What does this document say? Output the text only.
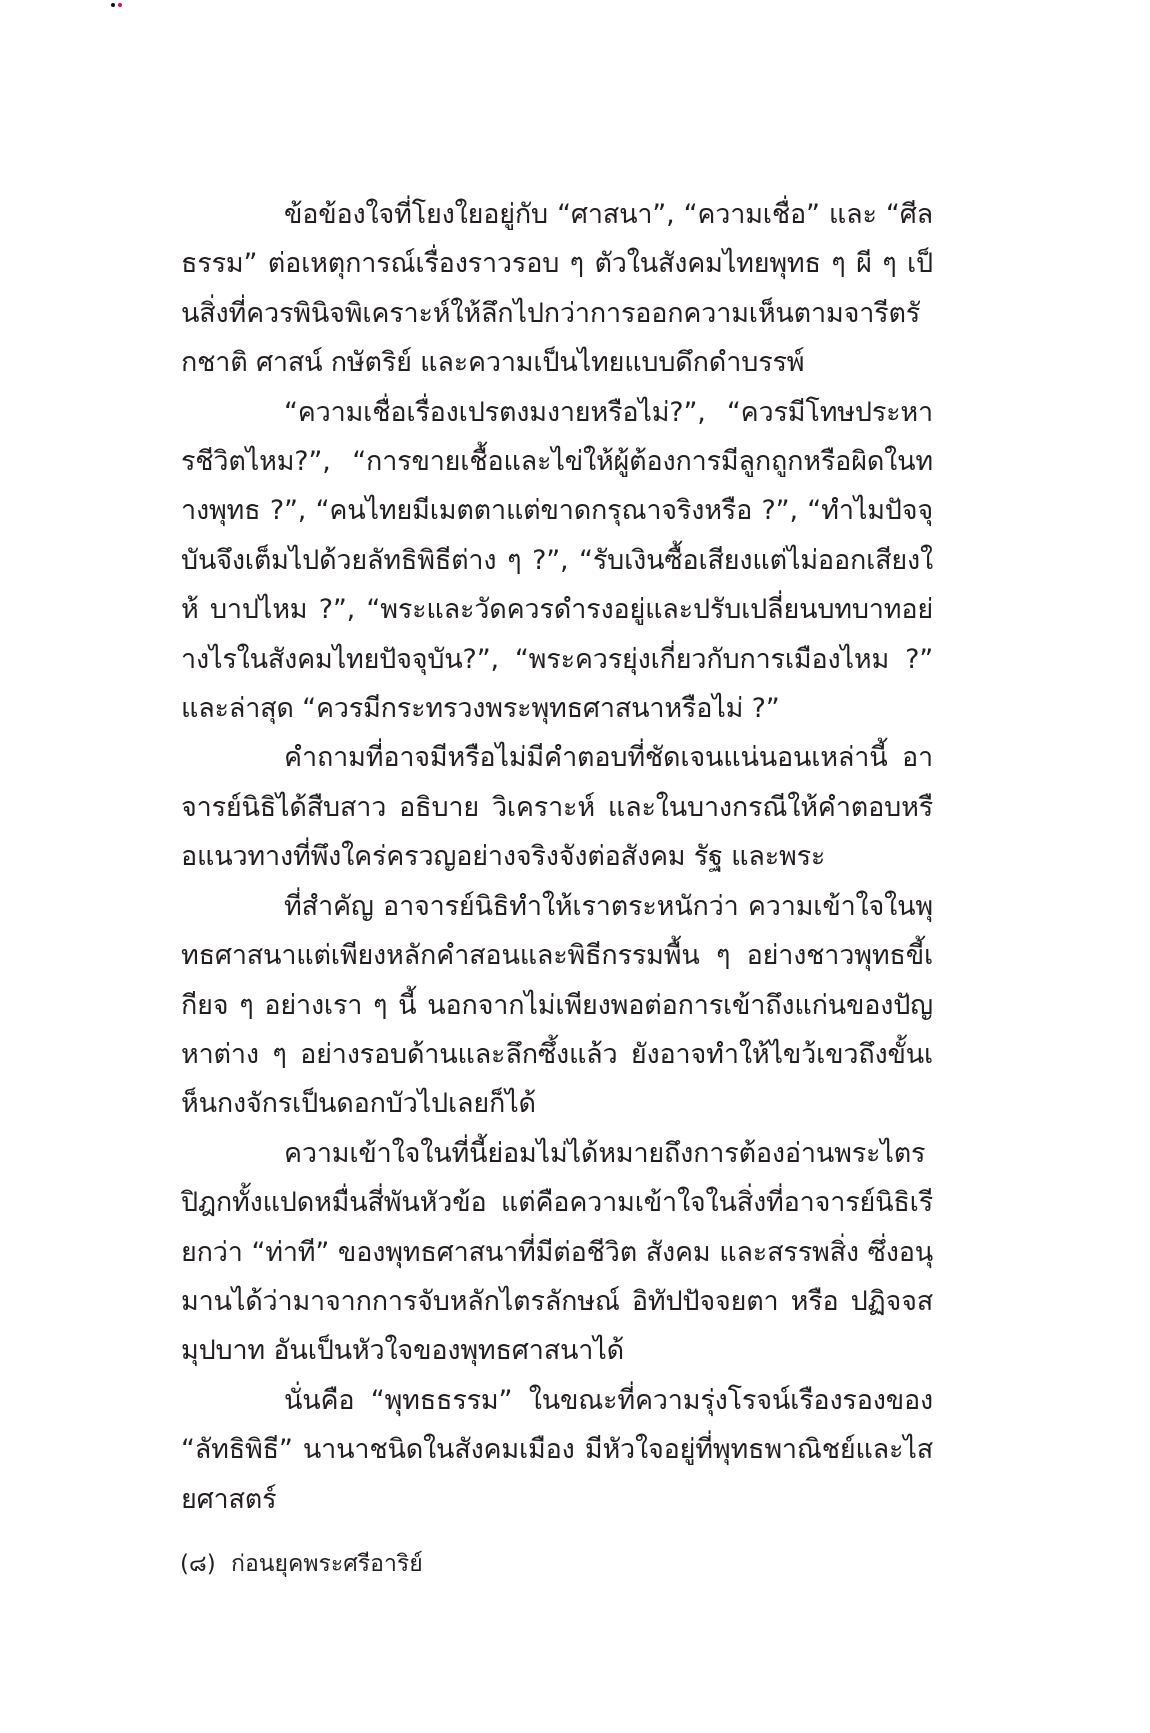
ข้อข้องใจที่โยงใยอยู่กับ “ศาสนา”, “ความเชื่อ” และ “ศีลธรรม” ต่อเหตุการณ์เรื่องราวรอบ ๆ ตัวในสังคมไทยพุทธ ๆ ผี ๆ เป็นสิ่งที่ควรพินิจพิเคราะห์ให้ลึกไปกว่าการออกความเห็นตามจารีตรักชาติ ศาสน์ กษัตริย์ และความเป็นไทยแบบดึกดำบรรพ์

“ความเชื่อเรื่องเปรตงมงายหรือไม่?”, “ควรมีโทษประหารชีวิตไหม?”, “การขายเชื้อและไข่ให้ผู้ต้องการมีลูกถูกหรือผิดในทางพุทธ ?”, “คนไทยมีเมตตาแต่ขาดกรุณาจริงหรือ ?”, “ทำไมปัจจุบันจึงเต็มไปด้วยลัทธิพิธีต่าง ๆ ?”, “รับเงินซื้อเสียงแต่ไม่ออกเสียงให้ บาปไหม ?”, “พระและวัดควรดำรงอยู่และปรับเปลี่ยนบทบาทอย่างไรในสังคมไทยปัจจุบัน?”, “พระควรยุ่งเกี่ยวกับการเมืองไหม ?” และล่าสุด “ควรมีกระทรวงพระพุทธศาสนาหรือไม่ ?”

คำถามที่อาจมีหรือไม่มีคำตอบที่ชัดเจนแน่นอนเหล่านี้ อาจารย์นิธิได้สืบสาว อธิบาย วิเคราะห์ และในบางกรณีให้คำตอบหรือแนวทางที่พึงใคร่ครวญอย่างจริงจังต่อสังคม รัฐ และพระ

ที่สำคัญ อาจารย์นิธิทำให้เราตระหนักว่า ความเข้าใจในพุทธศาสนาแต่เพียงหลักคำสอนและพิธีกรรมพื้น ๆ อย่างชาวพุทธขี้เกียจ ๆ อย่างเรา ๆ นี้ นอกจากไม่เพียงพอต่อการเข้าถึงแก่นของปัญหาต่าง ๆ อย่างรอบด้านและลึกซึ้งแล้ว ยังอาจทำให้ไขว้เขวถึงขั้นเห็นกงจักรเป็นดอกบัวไปเลยก็ได้

ความเข้าใจในที่นี้ย่อมไม่ได้หมายถึงการต้องอ่านพระไตรปิฎกทั้งแปดหมื่นสี่พันหัวข้อ แต่คือความเข้าใจในสิ่งที่อาจารย์นิธิเรียกว่า “ท่าที” ของพุทธศาสนาที่มีต่อชีวิต สังคม และสรรพสิ่ง ซึ่งอนุมานได้ว่ามาจากการจับหลักไตรลักษณ์ อิทัปปัจจยตา หรือ ปฏิจจสมุปบาท อันเป็นหัวใจของพุทธศาสนาได้

นั่นคือ “พุทธธรรม” ในขณะที่ความรุ่งโรจน์เรืองรองของ “ลัทธิพิธี” นานาชนิดในสังคมเมือง มีหัวใจอยู่ที่พุทธพาณิชย์และไสยศาสตร์

(๘) ก่อนยุคพระศรีอาริย์
